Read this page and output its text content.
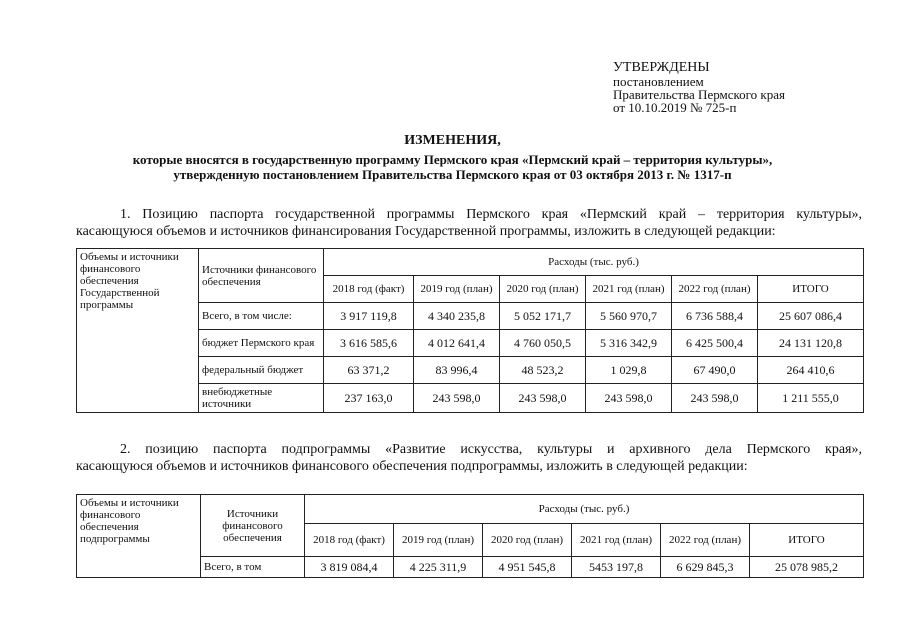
УТВЕРЖДЕНЫ
постановлением
Правительства Пермского края
от 10.10.2019 № 725-п
ИЗМЕНЕНИЯ,
которые вносятся в государственную программу Пермского края «Пермский край – территория культуры»,
утвержденную постановлением Правительства Пермского края от 03 октября 2013 г. № 1317-п
1. Позицию паспорта государственной программы Пермского края «Пермский край – территория культуры»,
касающуюся объемов и источников финансирования Государственной программы, изложить в следующей редакции:
Объемы и источники финансового обеспечения Государственной программы	Источники финансового обеспечения	Расходы (тыс. руб.)					
		2018 год (факт)	2019 год (план)	2020 год (план)	2021 год (план)	2022 год (план)	ИТОГО
	Всего, в том числе:	3 917 119,8	4 340 235,8	5 052 171,7	5 560 970,7	6 736 588,4	25 607 086,4
	бюджет Пермского края	3 616 585,6	4 012 641,4	4 760 050,5	5 316 342,9	6 425 500,4	24 131 120,8
	федеральный бюджет	63 371,2	83 996,4	48 523,2	1 029,8	67 490,0	264 410,6
	внебюджетные источники	237 163,0	243 598,0	243 598,0	243 598,0	243 598,0	1 211 555,0
2. позицию паспорта подпрограммы «Развитие искусства, культуры и архивного дела Пермского края»,
касающуюся объемов и источников финансового обеспечения подпрограммы, изложить в следующей редакции:
Объемы и источники финансового обеспечения подпрограммы	Источники финансового обеспечения	Расходы (тыс. руб.)					
		2018 год (факт)	2019 год (план)	2020 год (план)	2021 год (план)	2022 год (план)	ИТОГО
	Всего, в том	3 819 084,4	4 225 311,9	4 951 545,8	5453 197,8	6 629 845,3	25 078 985,2
